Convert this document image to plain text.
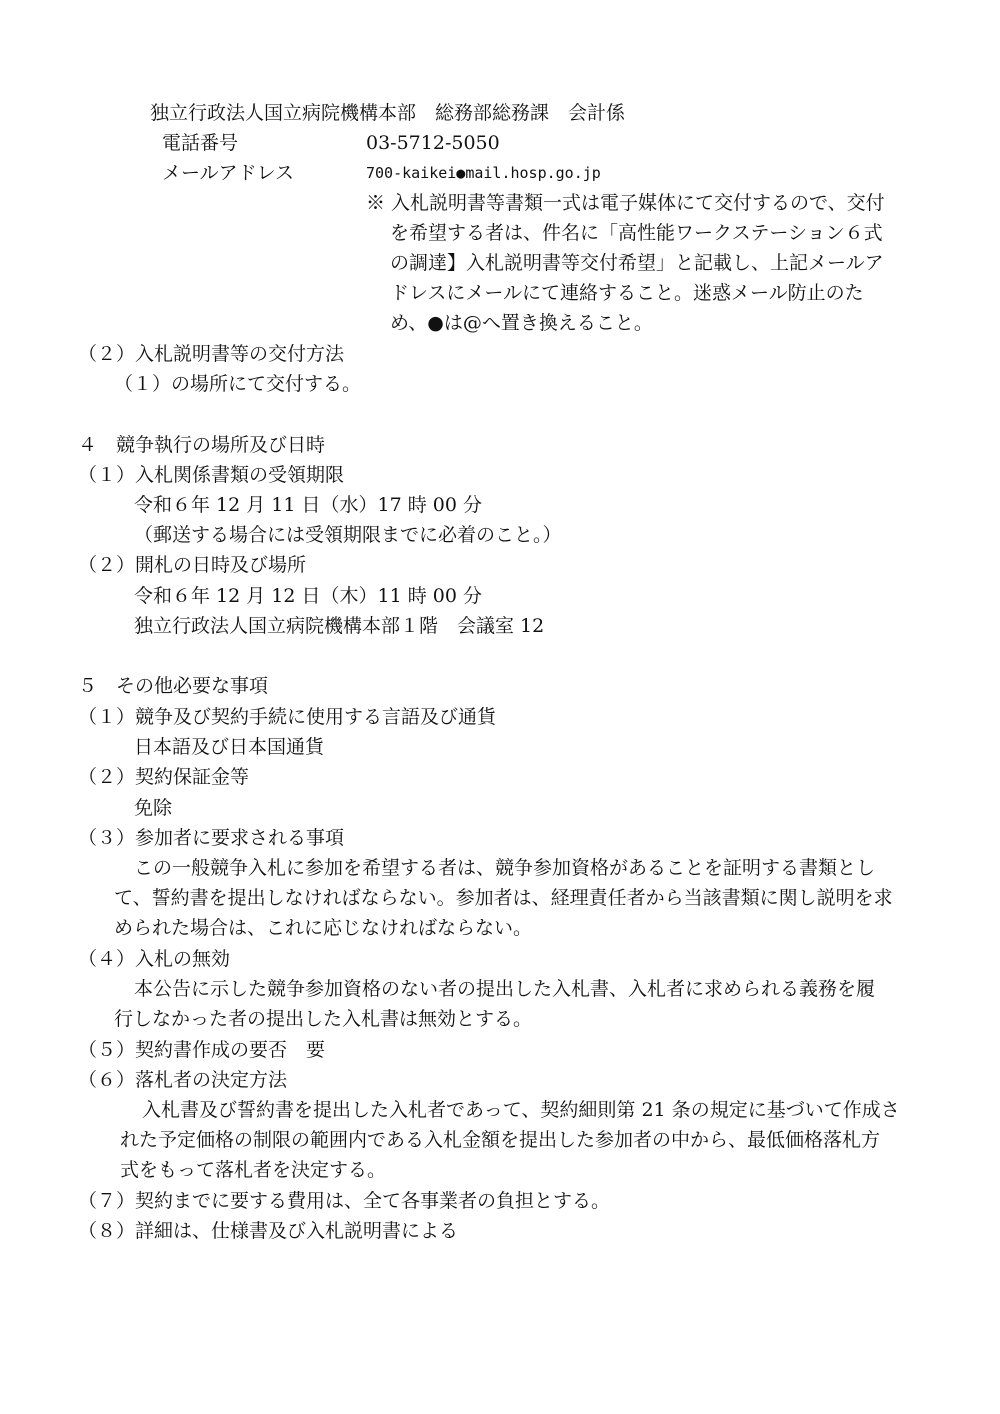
独立行政法人国立病院機構本部　総務部総務課　会計係
電話番号	03-5712-5050
メールアドレス	700-kaikei●mail.hosp.go.jp
※ 入札説明書等書類一式は電子媒体にて交付するので、交付
を希望する者は、件名に「高性能ワークステーション６式
の調達】入札説明書等交付希望」と記載し、上記メールア
ドレスにメールにて連絡すること。迷惑メール防止のた
め、●は@へ置き換えること。
（２）入札説明書等の交付方法
（１）の場所にて交付する。
４　競争執行の場所及び日時
（１）入札関係書類の受領期限
令和６年 12 月 11 日（水）17 時 00 分
（郵送する場合には受領期限までに必着のこと。）
（２）開札の日時及び場所
令和６年 12 月 12 日（木）11 時 00 分
独立行政法人国立病院機構本部１階　会議室 12
５　その他必要な事項
（１）競争及び契約手続に使用する言語及び通貨
日本語及び日本国通貨
（２）契約保証金等
免除
（３）参加者に要求される事項
この一般競争入札に参加を希望する者は、競争参加資格があることを証明する書類とし
て、誓約書を提出しなければならない。参加者は、経理責任者から当該書類に関し説明を求
められた場合は、これに応じなければならない。
（４）入札の無効
本公告に示した競争参加資格のない者の提出した入札書、入札者に求められる義務を履
行しなかった者の提出した入札書は無効とする。
（５）契約書作成の要否　要
（６）落札者の決定方法
入札書及び誓約書を提出した入札者であって、契約細則第 21 条の規定に基づいて作成さ
れた予定価格の制限の範囲内である入札金額を提出した参加者の中から、最低価格落札方
式をもって落札者を決定する。
（７）契約までに要する費用は、全て各事業者の負担とする。
（８）詳細は、仕様書及び入札説明書による
